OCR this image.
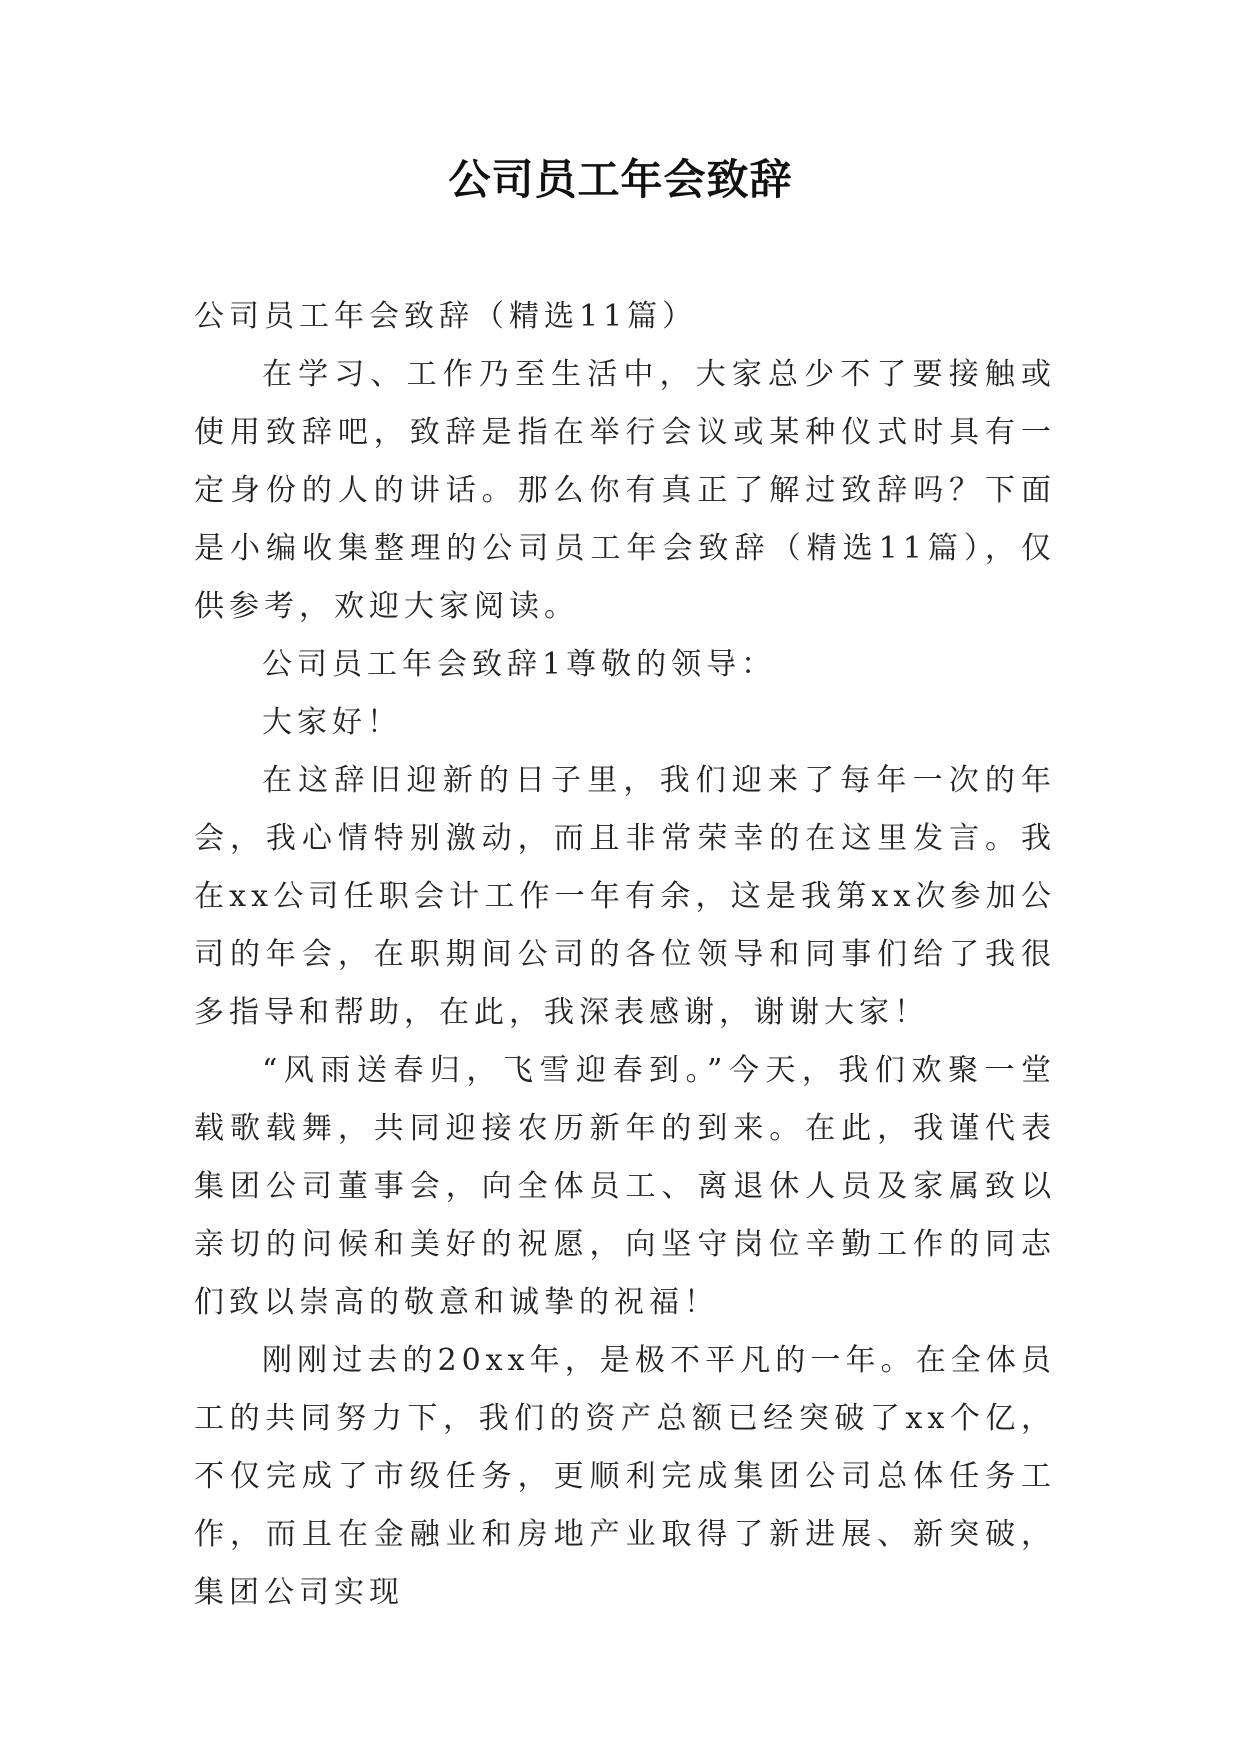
公司员工年会致辞

公司员工年会致辞（精选11篇）

在学习、工作乃至生活中，大家总少不了要接触或使用致辞吧，致辞是指在举行会议或某种仪式时具有一定身份的人的讲话。那么你有真正了解过致辞吗？下面是小编收集整理的公司员工年会致辞（精选11篇），仅供参考，欢迎大家阅读。

公司员工年会致辞1尊敬的领导：

大家好！

在这辞旧迎新的日子里，我们迎来了每年一次的年会，我心情特别激动，而且非常荣幸的在这里发言。我在xx公司任职会计工作一年有余，这是我第xx次参加公司的年会，在职期间公司的各位领导和同事们给了我很多指导和帮助，在此，我深表感谢，谢谢大家！

“风雨送春归，飞雪迎春到。”今天，我们欢聚一堂载歌载舞，共同迎接农历新年的到来。在此，我谨代表集团公司董事会，向全体员工、离退休人员及家属致以亲切的问候和美好的祝愿，向坚守岗位辛勤工作的同志们致以崇高的敬意和诚挚的祝福！

刚刚过去的20xx年，是极不平凡的一年。在全体员工的共同努力下，我们的资产总额已经突破了xx个亿，不仅完成了市级任务，更顺利完成集团公司总体任务工作，而且在金融业和房地产业取得了新进展、新突破，集团公司实现
